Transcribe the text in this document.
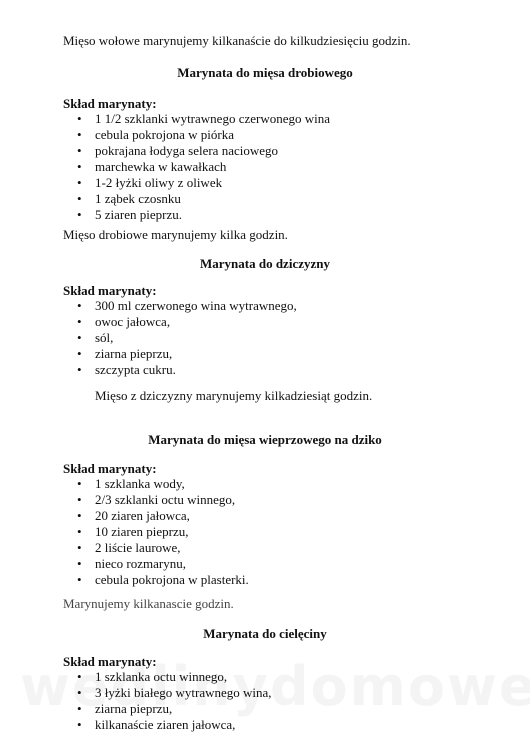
Mięso wołowe marynujemy kilkanaście do kilkudziesięciu godzin.
Marynata do mięsa drobiowego
Skład marynaty:
• 1 1/2 szklanki wytrawnego czerwonego wina
• cebula pokrojona w piórka
• pokrajana łodyga selera naciowego
• marchewka w kawałkach
• 1-2 łyżki oliwy z oliwek
• 1 ząbek czosnku
• 5 ziaren pieprzu.
Mięso drobiowe marynujemy kilka godzin.
Marynata do dziczyzny
Skład marynaty:
• 300 ml czerwonego wina wytrawnego,
• owoc jałowca,
• sól,
• ziarna pieprzu,
• szczypta cukru.
Mięso z dziczyzny marynujemy kilkadziesiąt godzin.
Marynata do mięsa wieprzowego na dziko
Skład marynaty:
• 1 szklanka wody,
• 2/3 szklanki octu winnego,
• 20 ziaren jałowca,
• 10 ziaren pieprzu,
• 2 liście laurowe,
• nieco rozmarynu,
• cebula pokrojona w plasterki.
Marynujemy kilkanascie godzin.
Marynata do cielęciny
Skład marynaty:
• 1 szklanka octu winnego,
• 3 łyżki białego wytrawnego wina,
• ziarna pieprzu,
• kilkanaście ziaren jałowca,
